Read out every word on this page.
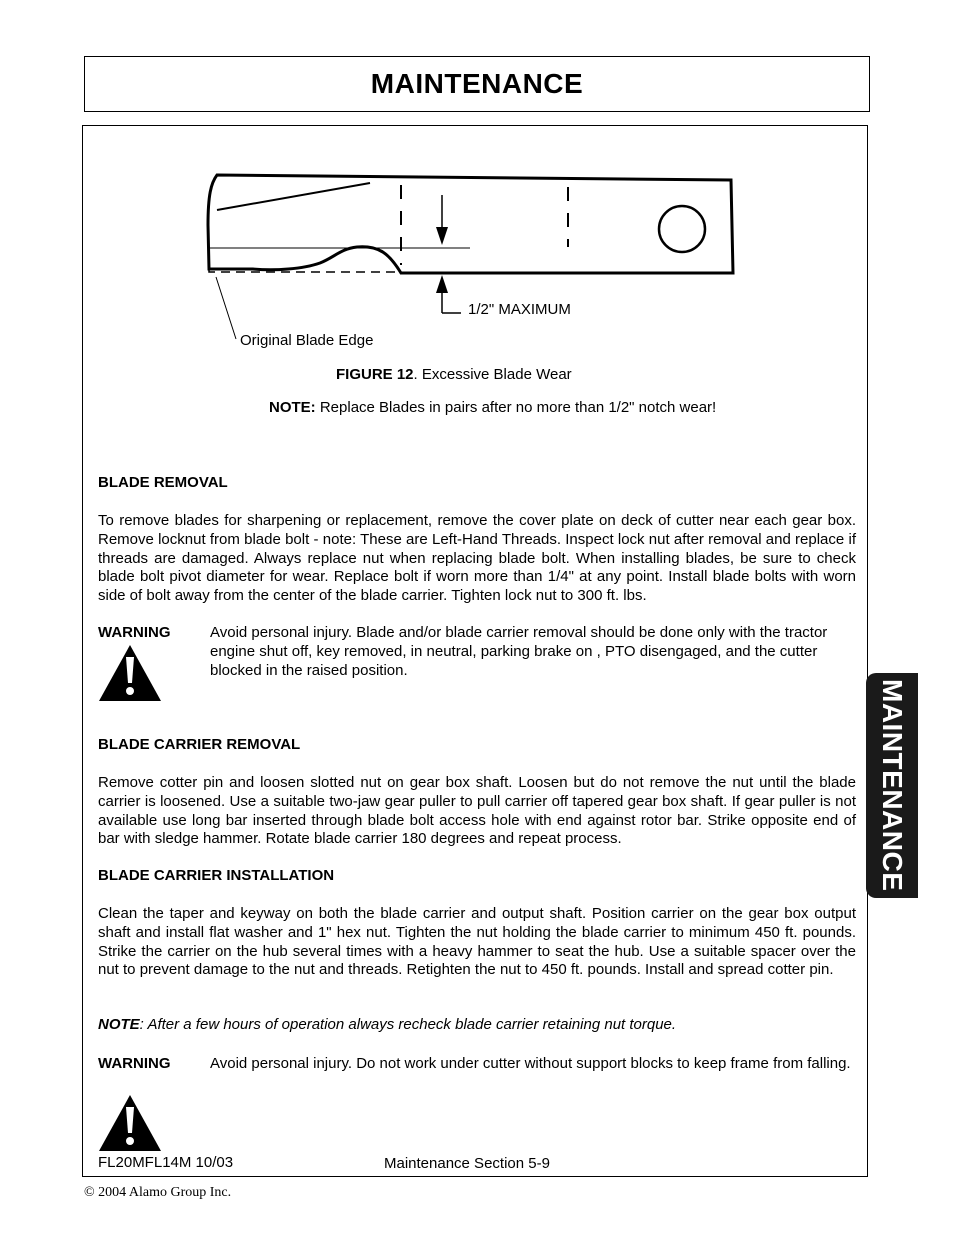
MAINTENANCE
MAINTENANCE
1/2" MAXIMUM
Original Blade Edge
FIGURE 12. Excessive Blade Wear
NOTE: Replace Blades in pairs after no more than 1/2" notch wear!
BLADE REMOVAL
To remove blades for sharpening or replacement, remove the cover plate on deck of cutter near each gear box. Remove locknut from blade bolt - note: These are Left-Hand Threads. Inspect lock nut after removal and replace if threads are damaged. Always replace nut when replacing blade bolt. When installing blades, be sure to check blade bolt pivot diameter for wear. Replace bolt if worn more than 1/4" at any point. Install blade bolts with worn side of bolt away from the center of the blade carrier. Tighten lock nut to 300 ft. lbs.
WARNING	Avoid personal injury. Blade and/or blade carrier removal should be done only with the tractor engine shut off, key removed, in neutral, parking brake on , PTO disengaged, and the cutter blocked in the raised position.
BLADE CARRIER REMOVAL
Remove cotter pin and loosen slotted nut on gear box shaft. Loosen but do not remove the nut until the blade carrier is loosened. Use a suitable two-jaw gear puller to pull carrier off tapered gear box shaft. If gear puller is not available use long bar inserted through blade bolt access hole with end against rotor bar. Strike opposite end of bar with sledge hammer. Rotate blade carrier 180 degrees and repeat process.
BLADE CARRIER INSTALLATION
Clean the taper and keyway on both the blade carrier and output shaft. Position carrier on the gear box output shaft and install flat washer and 1" hex nut. Tighten the nut holding the blade carrier to minimum 450 ft. pounds. Strike the carrier on the hub several times with a heavy hammer to seat the hub. Use a suitable spacer over the nut to prevent damage to the nut and threads. Retighten the nut to 450 ft. pounds. Install and spread cotter pin.
NOTE: After a few hours of operation always recheck blade carrier retaining nut torque.
WARNING	Avoid personal injury. Do not work under cutter without support blocks to keep frame from falling.
FL20MFL14M 10/03	Maintenance Section 5-9
© 2004 Alamo Group Inc.
